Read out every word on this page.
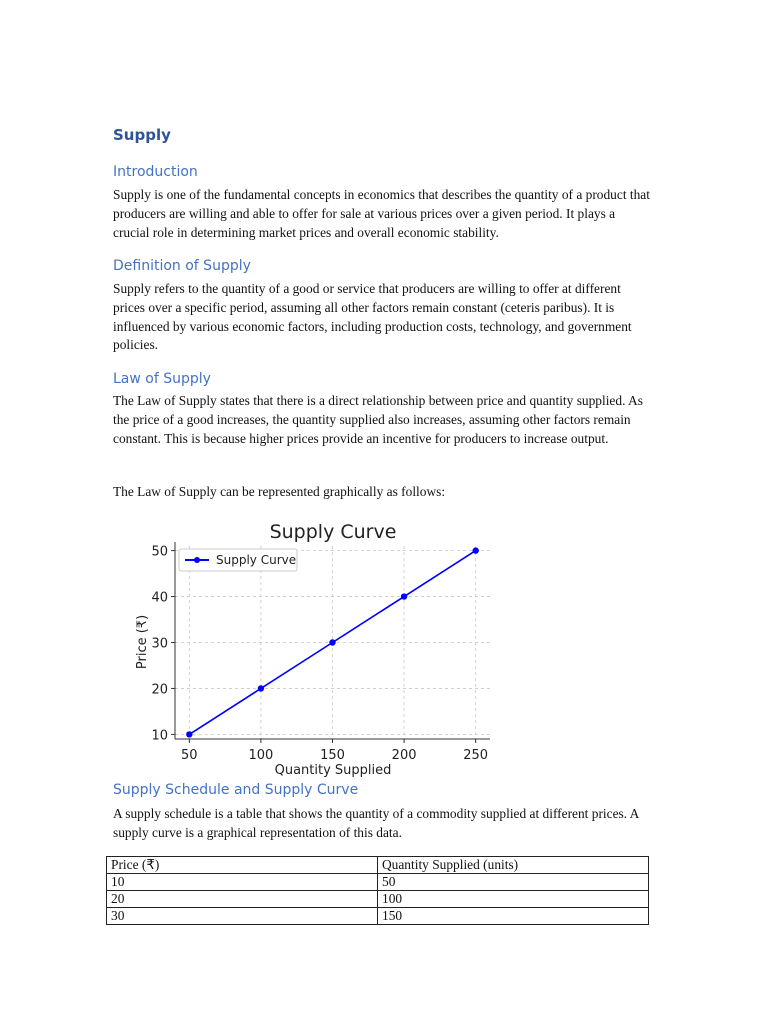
Supply
Introduction

Supply is one of the fundamental concepts in economics that describes the quantity of a product that producers are willing and able to offer for sale at various prices over a given period. It plays a crucial role in determining market prices and overall economic stability.

Definition of Supply

Supply refers to the quantity of a good or service that producers are willing to offer at different prices over a specific period, assuming all other factors remain constant (ceteris paribus). It is influenced by various economic factors, including production costs, technology, and government policies.

Law of Supply

The Law of Supply states that there is a direct relationship between price and quantity supplied. As the price of a good increases, the quantity supplied also increases, assuming other factors remain constant. This is because higher prices provide an incentive for producers to increase output.

The Law of Supply can be represented graphically as follows:

Supply Schedule and Supply Curve

A supply schedule is a table that shows the quantity of a commodity supplied at different prices. A supply curve is a graphical representation of this data.

50	100	150	200	250
10
20
30
40
50
Supply Curve
Price (₹)
Quantity Supplied
Supply Curve
Price (₹)	Quantity Supplied (units)
10	50
20	100
30	150
